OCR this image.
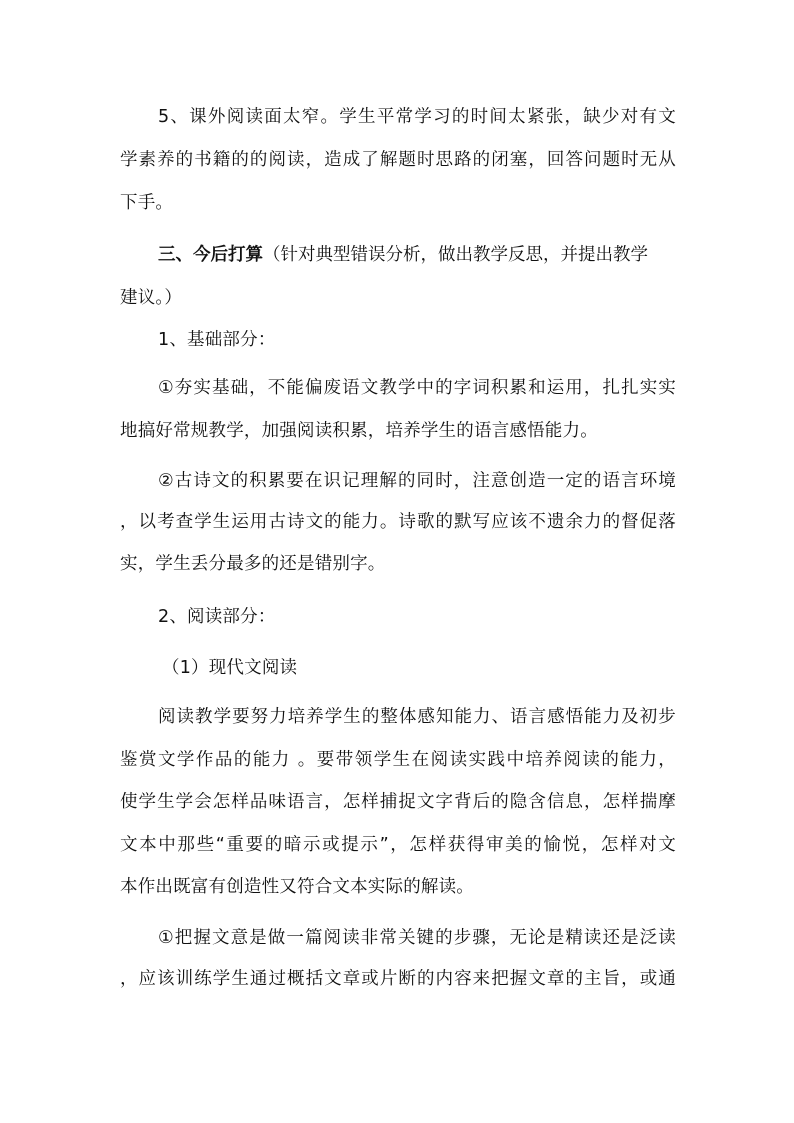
5、课外阅读面太窄。学生平常学习的时间太紧张，缺少对有文
学素养的书籍的的阅读，造成了解题时思路的闭塞，回答问题时无从
下手。
三、今后打算（针对典型错误分析，做出教学反思，并提出教学
建议。）
1、基础部分：
①夯实基础，不能偏废语文教学中的字词积累和运用，扎扎实实
地搞好常规教学，加强阅读积累，培养学生的语言感悟能力。
②古诗文的积累要在识记理解的同时，注意创造一定的语言环境
，以考查学生运用古诗文的能力。诗歌的默写应该不遗余力的督促落
实，学生丢分最多的还是错别字。
2、阅读部分：
（1）现代文阅读
阅读教学要努力培养学生的整体感知能力、语言感悟能力及初步
鉴赏文学作品的能力 。要带领学生在阅读实践中培养阅读的能力，
使学生学会怎样品味语言，怎样捕捉文字背后的隐含信息，怎样揣摩
文本中那些“重要的暗示或提示”，怎样获得审美的愉悦，怎样对文
本作出既富有创造性又符合文本实际的解读。
①把握文意是做一篇阅读非常关键的步骤，无论是精读还是泛读
，应该训练学生通过概括文章或片断的内容来把握文章的主旨，或通
